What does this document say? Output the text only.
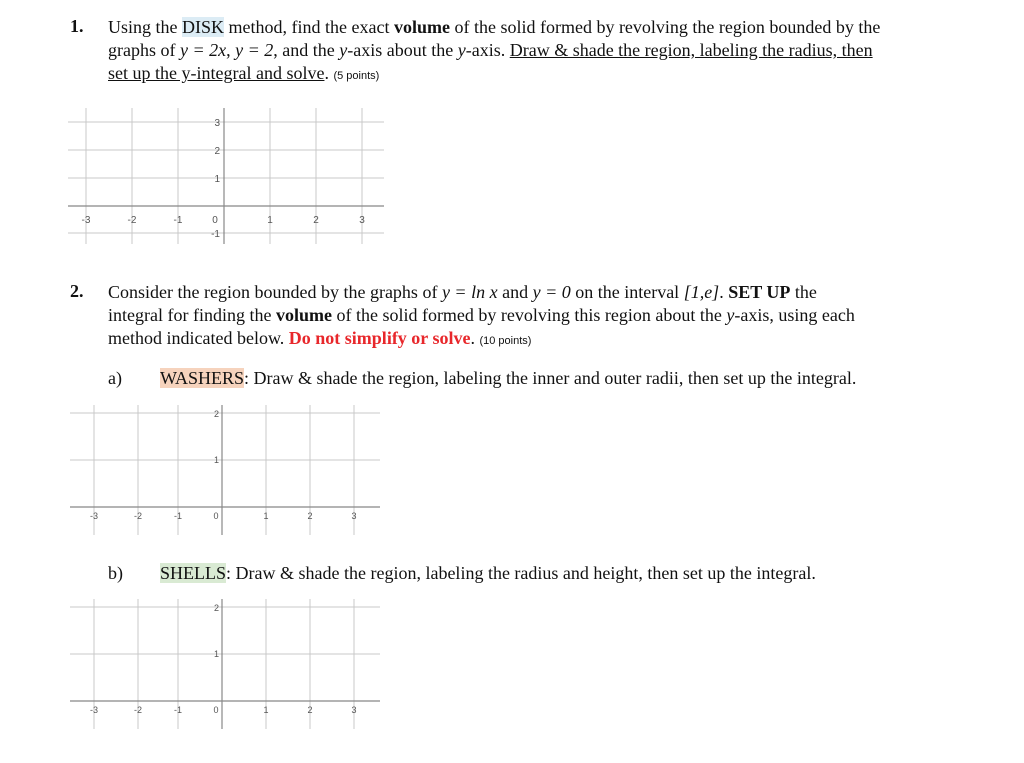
1. Using the DISK method, find the exact volume of the solid formed by revolving the region bounded by the
graphs of y = 2x, y = 2, and the y-axis about the y-axis. Draw & shade the region, labeling the radius, then
set up the y-integral and solve. (5 points)
-3	-2	-1	0	1	2	3
3
2
1
-1
2. Consider the region bounded by the graphs of y = ln x and y = 0 on the interval [1,e]. SET UP the
integral for finding the volume of the solid formed by revolving this region about the y-axis, using each
method indicated below. Do not simplify or solve. (10 points)
a) WASHERS: Draw & shade the region, labeling the inner and outer radii, then set up the integral.
-3	-2	-1	0	1	2	3
2
1
b) SHELLS: Draw & shade the region, labeling the radius and height, then set up the integral.
-3	-2	-1	0	1	2	3
2
1
